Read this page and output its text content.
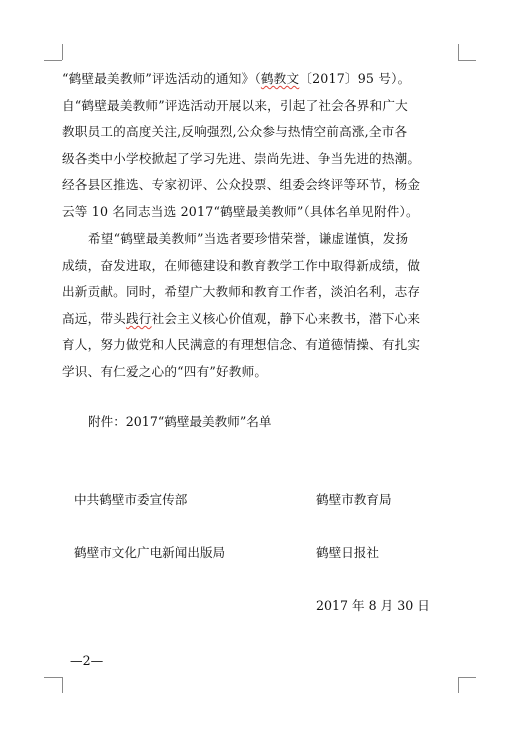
“鹤壁最美教师”评选活动的通知》（鹤教文〔2017〕95 号）。
自“鹤壁最美教师”评选活动开展以来，引起了社会各界和广大
教职员工的高度关注,反响强烈,公众参与热情空前高涨,全市各
级各类中小学校掀起了学习先进、崇尚先进、争当先进的热潮。
经各县区推选、专家初评、公众投票、组委会终评等环节，杨金
云等 10 名同志当选 2017“鹤壁最美教师”（具体名单见附件）。
希望“鹤壁最美教师”当选者要珍惜荣誉，谦虚谨慎，发扬
成绩，奋发进取，在师德建设和教育教学工作中取得新成绩，做
出新贡献。同时，希望广大教师和教育工作者，淡泊名利，志存
高远，带头践行社会主义核心价值观，静下心来教书，潜下心来
育人，努力做党和人民满意的有理想信念、有道德情操、有扎实
学识、有仁爱之心的“四有”好教师。
附件：2017“鹤壁最美教师”名单
中共鹤壁市委宣传部	鹤壁市教育局
鹤壁市文化广电新闻出版局	鹤壁日报社
2017 年 8 月 30 日
—2—
